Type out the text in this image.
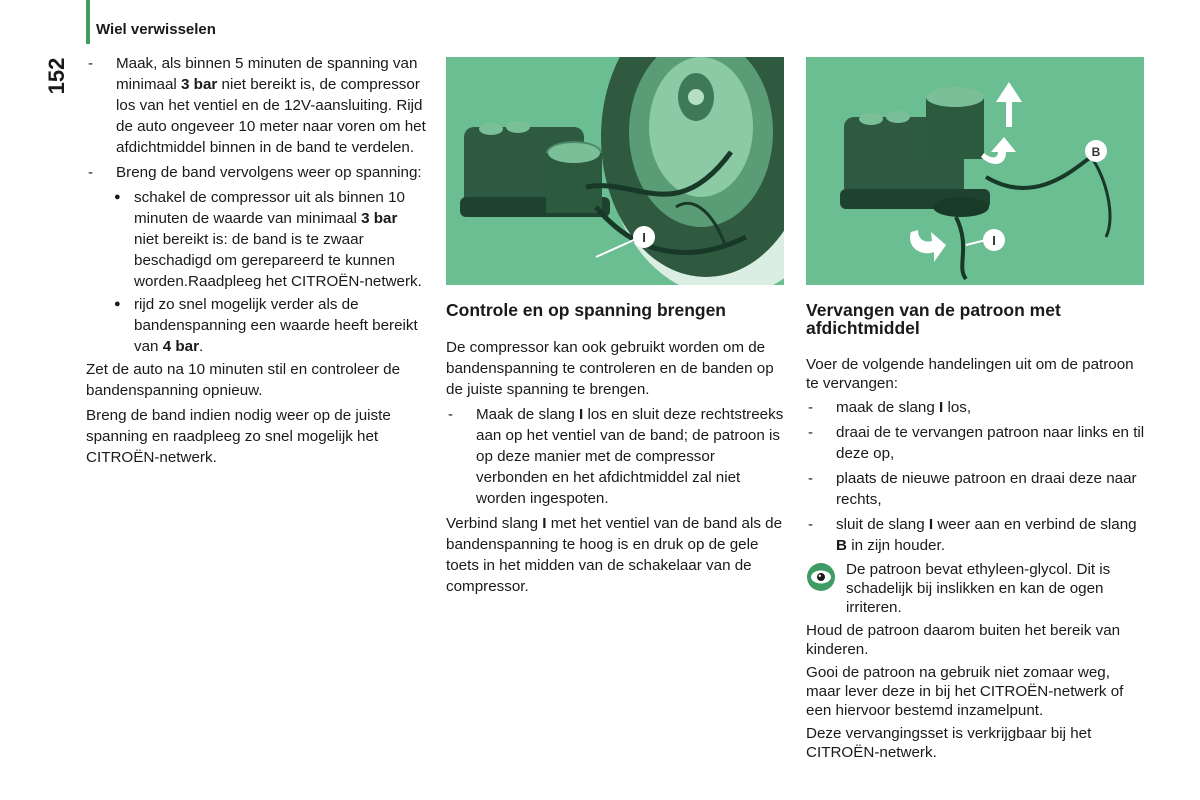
152
Wiel verwisselen
- Maak, als binnen 5 minuten de spanning van minimaal 3 bar niet bereikt is, de compressor los van het ventiel en de 12V-aansluiting. Rijd de auto ongeveer 10 meter naar voren om het afdichtmiddel binnen in de band te verdelen.
- Breng de band vervolgens weer op spanning:
● schakel de compressor uit als binnen 10 minuten de waarde van minimaal 3 bar niet bereikt is: de band is te zwaar beschadigd om gerepareerd te kunnen worden.Raadpleeg het CITROËN-netwerk.
● rijd zo snel mogelijk verder als de bandenspanning een waarde heeft bereikt van 4 bar.

Zet de auto na 10 minuten stil en controleer de bandenspanning opnieuw.

Breng de band indien nodig weer op de juiste spanning en raadpleeg zo snel mogelijk het CITROËN-netwerk.

I
Controle en op spanning brengen

De compressor kan ook gebruikt worden om de bandenspanning te controleren en de banden op de juiste spanning te brengen.

- Maak de slang I los en sluit deze rechtstreeks aan op het ventiel van de band; de patroon is op deze manier met de compressor verbonden en het afdichtmiddel zal niet worden ingespoten.

Verbind slang I met het ventiel van de band als de bandenspanning te hoog is en druk op de gele toets in het midden van de schakelaar van de compressor.

B
I
Vervangen van de patroon met afdichtmiddel

Voer de volgende handelingen uit om de patroon te vervangen:

- maak de slang I los,
- draai de te vervangen patroon naar links en til deze op,
- plaats de nieuwe patroon en draai deze naar rechts,
- sluit de slang I weer aan en verbind de slang B in zijn houder.
De patroon bevat ethyleen-glycol. Dit is schadelijk bij inslikken en kan de ogen irriteren.

Houd de patroon daarom buiten het bereik van kinderen.

Gooi de patroon na gebruik niet zomaar weg, maar lever deze in bij het CITROËN-netwerk of een hiervoor bestemd inzamelpunt.

Deze vervangingsset is verkrijgbaar bij het CITROËN-netwerk.
